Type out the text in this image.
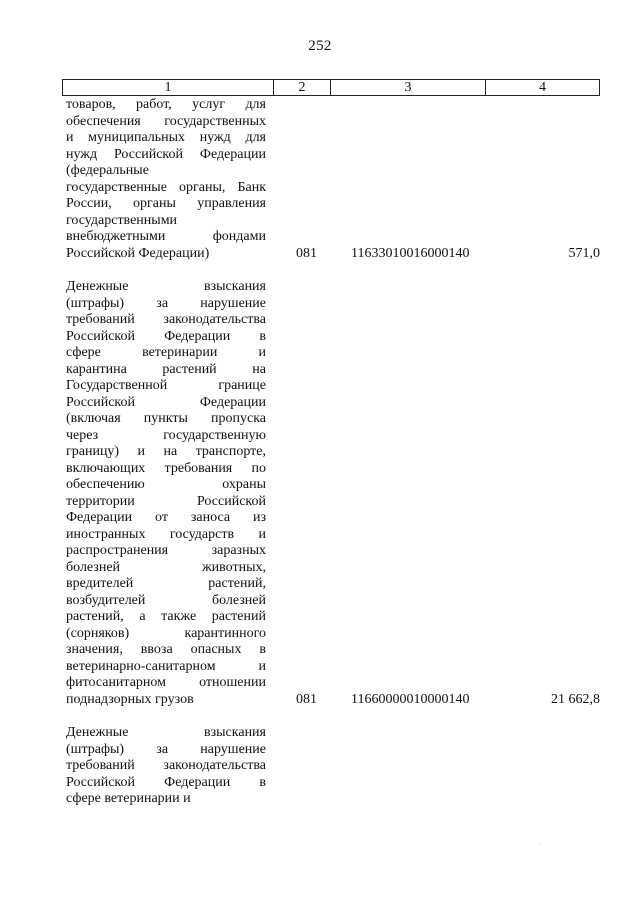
252
1	2	3	4
товаров, работ, услуг для
обеспечения государственных
и муниципальных нужд для
нужд Российской Федерации
(федеральные
государственные органы, Банк
России, органы управления
государственными
внебюджетными фондами
Российской Федерации)	081 11633010016000140	571,0
Денежные взыскания
(штрафы) за нарушение
требований законодательства
Российской Федерации в
сфере ветеринарии и
карантина растений на
Государственной границе
Российской Федерации
(включая пункты пропуска
через государственную
границу) и на транспорте,
включающих требования по
обеспечению охраны
территории Российской
Федерации от заноса из
иностранных государств и
распространения заразных
болезней животных,
вредителей растений,
возбудителей болезней
растений, а также растений
(сорняков) карантинного
значения, ввоза опасных в
ветеринарно-санитарном и
фитосанитарном отношении
поднадзорных грузов	081 11660000010000140	21 662,8
Денежные взыскания
(штрафы) за нарушение
требований законодательства
Российской Федерации в
сфере ветеринарии и
